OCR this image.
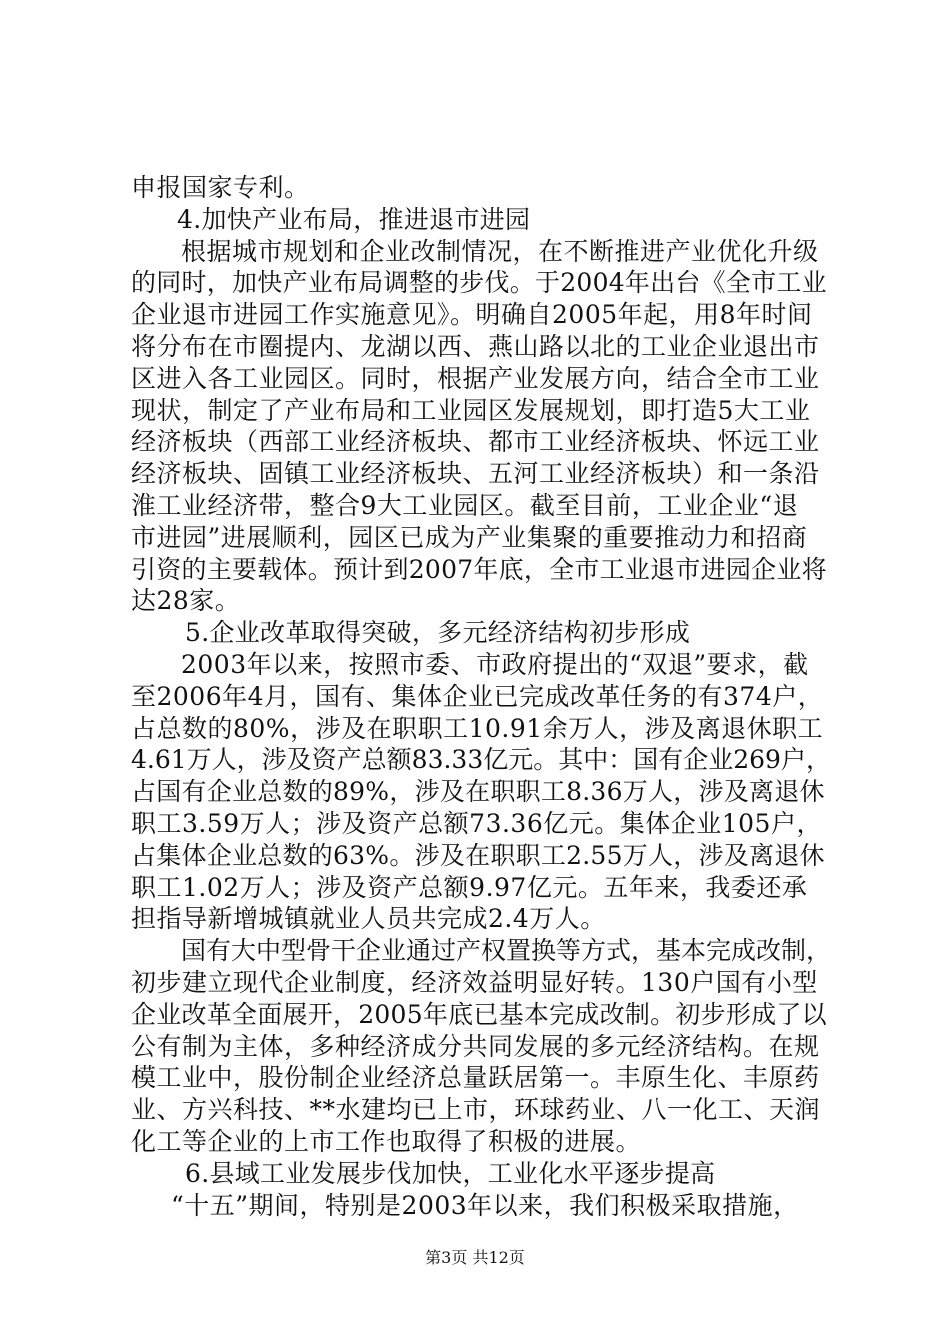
申报国家专利。
4.加快产业布局，推进退市进园
根据城市规划和企业改制情况，在不断推进产业优化升级
的同时，加快产业布局调整的步伐。于2004年出台《全市工业
企业退市进园工作实施意见》。明确自2005年起，用8年时间
将分布在市圈提内、龙湖以西、燕山路以北的工业企业退出市
区进入各工业园区。同时，根据产业发展方向，结合全市工业
现状，制定了产业布局和工业园区发展规划，即打造5大工业
经济板块（西部工业经济板块、都市工业经济板块、怀远工业
经济板块、固镇工业经济板块、五河工业经济板块）和一条沿
淮工业经济带，整合9大工业园区。截至目前，工业企业“退
市进园”进展顺利，园区已成为产业集聚的重要推动力和招商
引资的主要载体。预计到2007年底，全市工业退市进园企业将
达28家。
5.企业改革取得突破，多元经济结构初步形成
2003年以来，按照市委、市政府提出的“双退”要求，截
至2006年4月，国有、集体企业已完成改革任务的有374户，
占总数的80%，涉及在职职工10.91余万人，涉及离退休职工
4.61万人，涉及资产总额83.33亿元。其中：国有企业269户，
占国有企业总数的89%，涉及在职职工8.36万人，涉及离退休
职工3.59万人；涉及资产总额73.36亿元。集体企业105户，
占集体企业总数的63%。涉及在职职工2.55万人，涉及离退休
职工1.02万人；涉及资产总额9.97亿元。五年来，我委还承
担指导新增城镇就业人员共完成2.4万人。
国有大中型骨干企业通过产权置换等方式，基本完成改制，
初步建立现代企业制度，经济效益明显好转。130户国有小型
企业改革全面展开，2005年底已基本完成改制。初步形成了以
公有制为主体，多种经济成分共同发展的多元经济结构。在规
模工业中，股份制企业经济总量跃居第一。丰原生化、丰原药
业、方兴科技、**水建均已上市，环球药业、八一化工、天润
化工等企业的上市工作也取得了积极的进展。
6.县域工业发展步伐加快，工业化水平逐步提高
“十五”期间，特别是2003年以来，我们积极采取措施，
第3页 共12页
